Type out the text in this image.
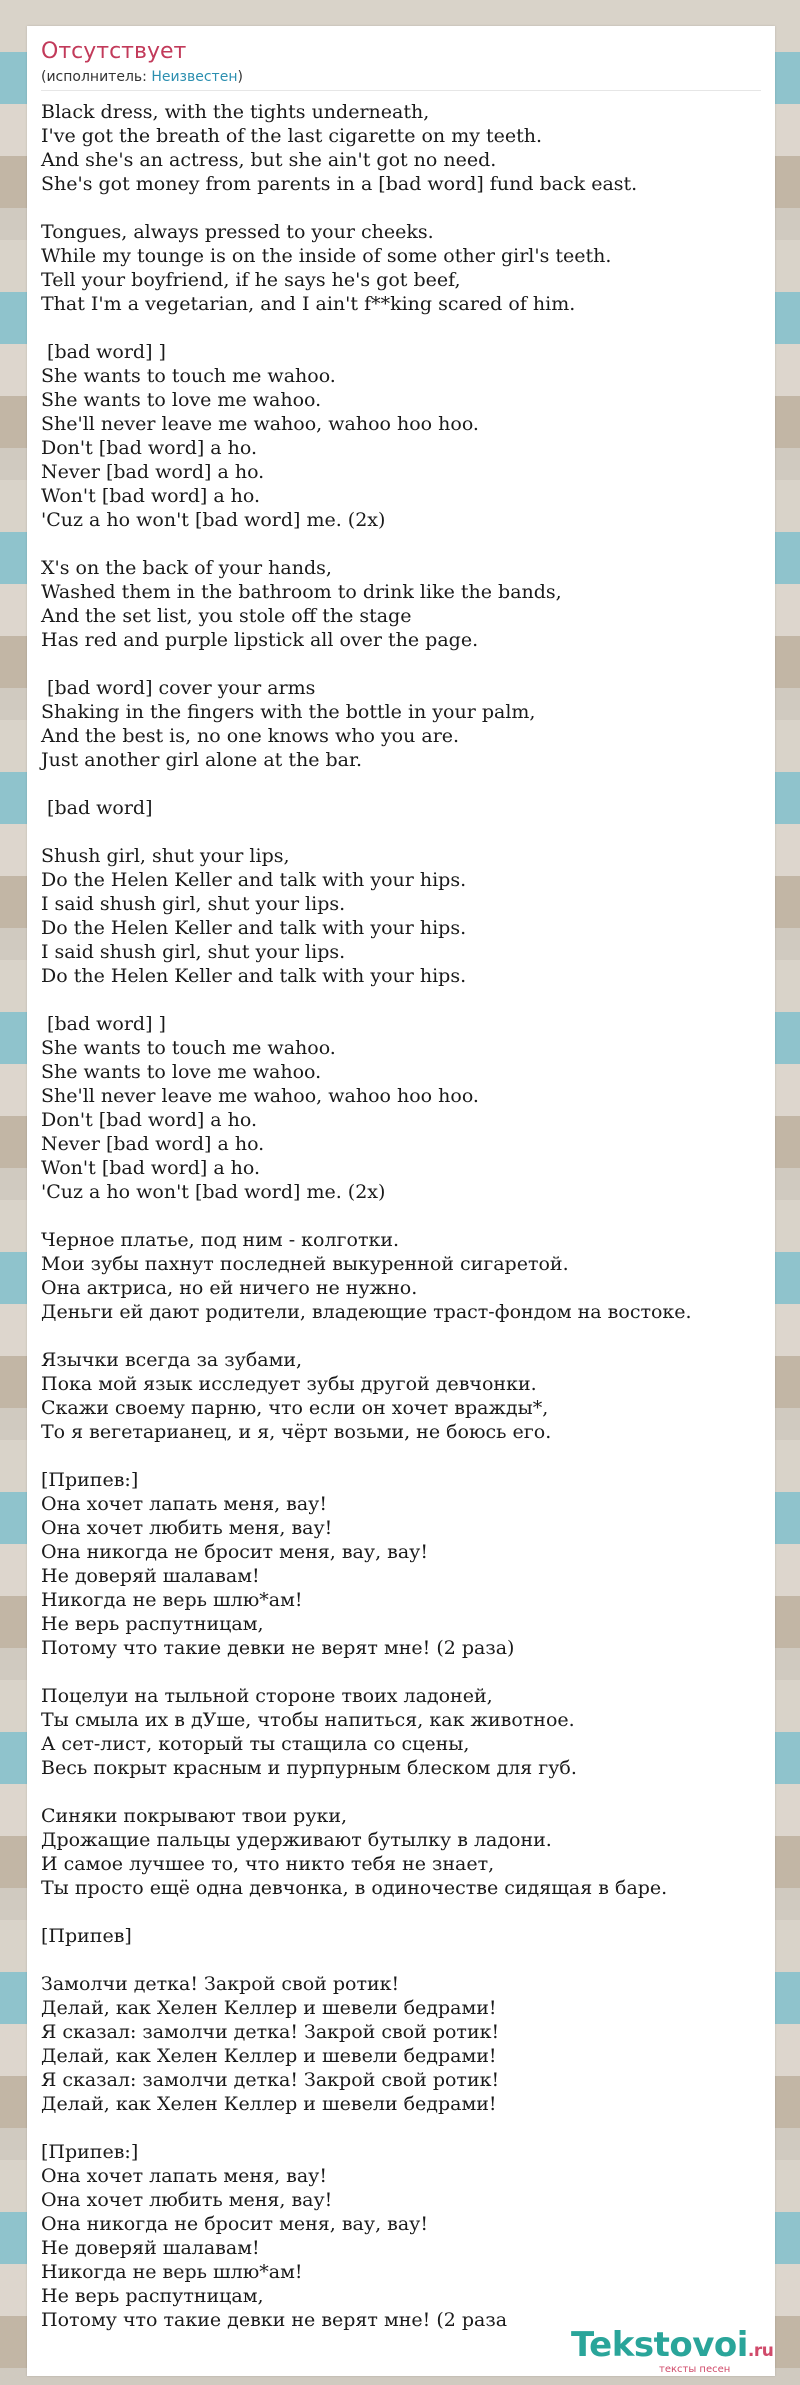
Отсутствует
(исполнитель: Неизвестен)
Black dress, with the tights underneath,
I've got the breath of the last cigarette on my teeth.
And she's an actress, but she ain't got no need.
She's got money from parents in a [bad word] fund back east.
Tongues, always pressed to your cheeks.
While my tounge is on the inside of some other girl's teeth.
Tell your boyfriend, if he says he's got beef,
That I'm a vegetarian, and I ain't f**king scared of him.
[bad word] ]
She wants to touch me wahoo.
She wants to love me wahoo.
She'll never leave me wahoo, wahoo hoo hoo.
Don't [bad word] a ho.
Never [bad word] a ho.
Won't [bad word] a ho.
'Cuz a ho won't [bad word] me. (2x)
X's on the back of your hands,
Washed them in the bathroom to drink like the bands,
And the set list, you stole off the stage
Has red and purple lipstick all over the page.
[bad word] cover your arms
Shaking in the fingers with the bottle in your palm,
And the best is, no one knows who you are.
Just another girl alone at the bar.
[bad word]
Shush girl, shut your lips,
Do the Helen Keller and talk with your hips.
I said shush girl, shut your lips.
Do the Helen Keller and talk with your hips.
I said shush girl, shut your lips.
Do the Helen Keller and talk with your hips.
[bad word] ]
She wants to touch me wahoo.
She wants to love me wahoo.
She'll never leave me wahoo, wahoo hoo hoo.
Don't [bad word] a ho.
Never [bad word] a ho.
Won't [bad word] a ho.
'Cuz a ho won't [bad word] me. (2x)
Черное платье, под ним - колготки.
Мои зубы пахнут последней выкуренной сигаретой.
Она актриса, но ей ничего не нужно.
Деньги ей дают родители, владеющие траст-фондом на востоке.
Язычки всегда за зубами,
Пока мой язык исследует зубы другой девчонки.
Скажи своему парню, что если он хочет вражды*,
То я вегетарианец, и я, чёрт возьми, не боюсь его.
[Припев:]
Она хочет лапать меня, вау!
Она хочет любить меня, вау!
Она никогда не бросит меня, вау, вау!
Не доверяй шалавам!
Никогда не верь шлю*ам!
Не верь распутницам,
Потому что такие девки не верят мне! (2 раза)
Поцелуи на тыльной стороне твоих ладоней,
Ты смыла их в дУше, чтобы напиться, как животное.
А сет-лист, который ты стащила со сцены,
Весь покрыт красным и пурпурным блеском для губ.
Синяки покрывают твои руки,
Дрожащие пальцы удерживают бутылку в ладони.
И самое лучшее то, что никто тебя не знает,
Ты просто ещё одна девчонка, в одиночестве сидящая в баре.
[Припев]
Замолчи детка! Закрой свой ротик!
Делай, как Хелен Келлер и шевели бедрами!
Я сказал: замолчи детка! Закрой свой ротик!
Делай, как Хелен Келлер и шевели бедрами!
Я сказал: замолчи детка! Закрой свой ротик!
Делай, как Хелен Келлер и шевели бедрами!
[Припев:]
Она хочет лапать меня, вау!
Она хочет любить меня, вау!
Она никогда не бросит меня, вау, вау!
Не доверяй шалавам!
Никогда не верь шлю*ам!
Не верь распутницам,
Потому что такие девки не верят мне! (2 раза
Tekstovoi.ru
тексты песен
